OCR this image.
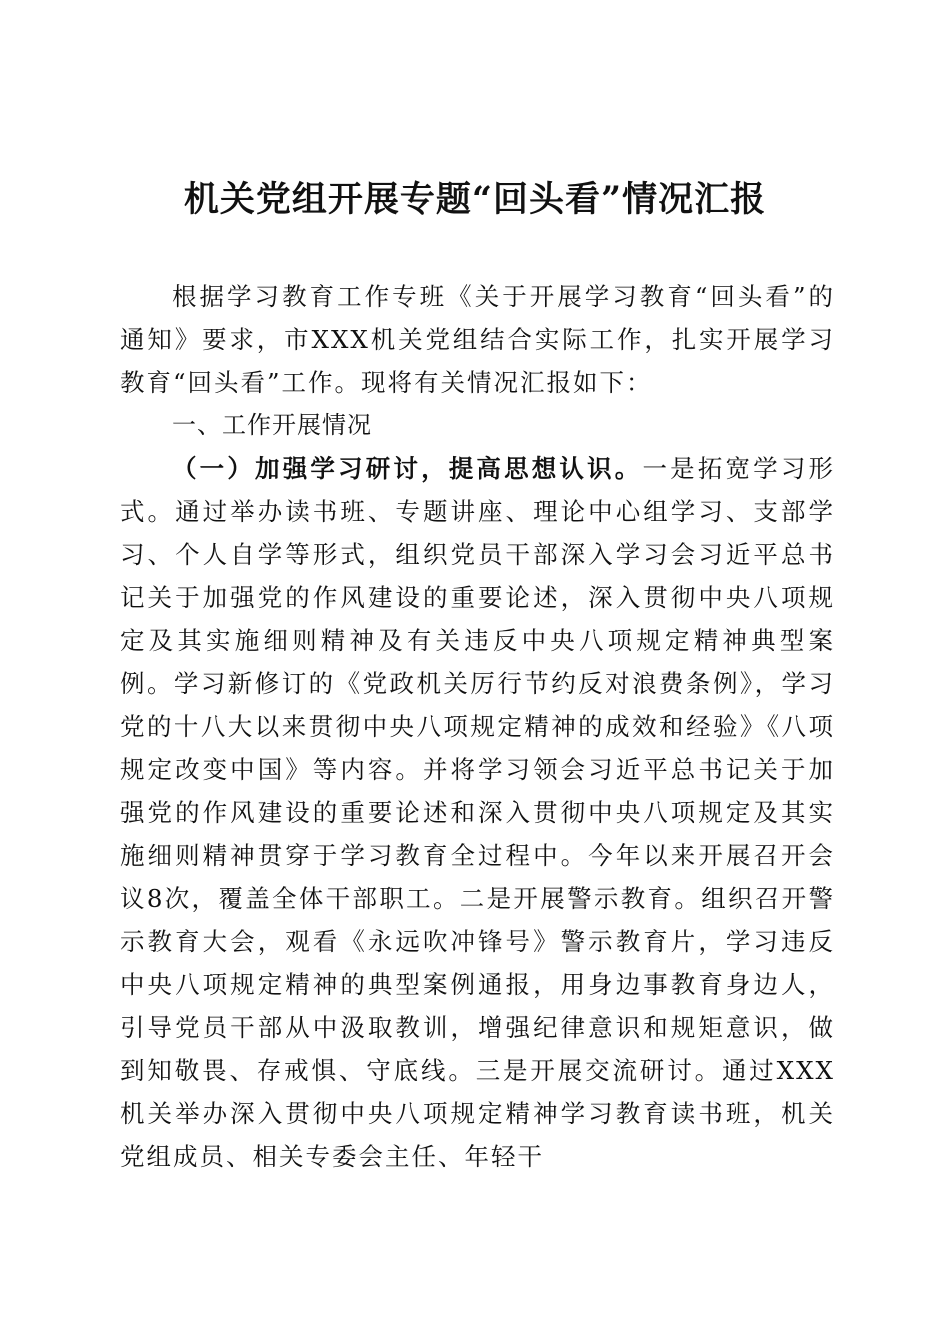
机关党组开展专题“回头看”情况汇报

根据学习教育工作专班《关于开展学习教育“回头看”的通知》要求，市XXX机关党组结合实际工作，扎实开展学习教育“回头看”工作。现将有关情况汇报如下：

一、工作开展情况

（一）加强学习研讨，提高思想认识。一是拓宽学习形式。通过举办读书班、专题讲座、理论中心组学习、支部学习、个人自学等形式，组织党员干部深入学习会习近平总书记关于加强党的作风建设的重要论述，深入贯彻中央八项规定及其实施细则精神及有关违反中央八项规定精神典型案例。学习新修订的《党政机关厉行节约反对浪费条例》，学习党的十八大以来贯彻中央八项规定精神的成效和经验》《八项规定改变中国》等内容。并将学习领会习近平总书记关于加强党的作风建设的重要论述和深入贯彻中央八项规定及其实施细则精神贯穿于学习教育全过程中。今年以来开展召开会议8次，覆盖全体干部职工。二是开展警示教育。组织召开警示教育大会，观看《永远吹冲锋号》警示教育片，学习违反中央八项规定精神的典型案例通报，用身边事教育身边人，引导党员干部从中汲取教训，增强纪律意识和规矩意识，做到知敬畏、存戒惧、守底线。三是开展交流研讨。通过XXX机关举办深入贯彻中央八项规定精神学习教育读书班，机关党组成员、相关专委会主任、年轻干
